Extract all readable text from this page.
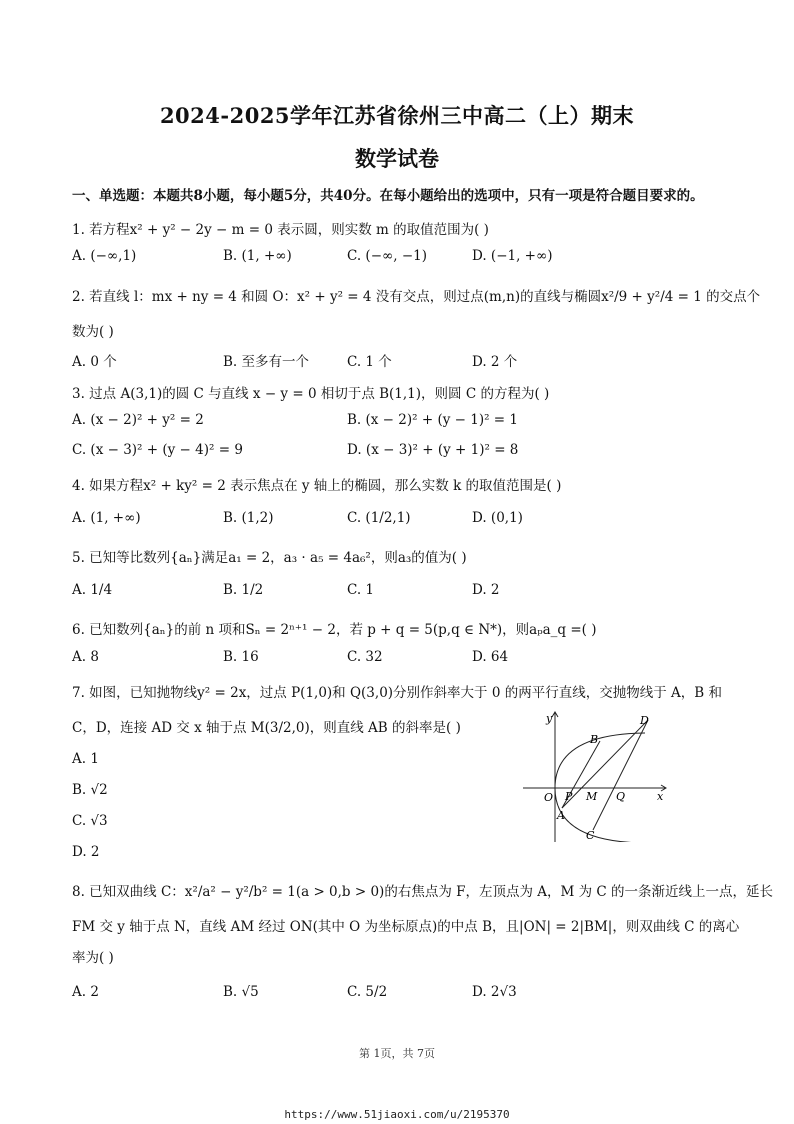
2024-2025学年江苏省徐州三中高二（上）期末
数学试卷
一、单选题：本题共8小题，每小题5分，共40分。在每小题给出的选项中，只有一项是符合题目要求的。
1. 若方程x² + y² − 2y − m = 0 表示圆，则实数 m 的取值范围为( )
A. (−∞,1)	B. (1, +∞)	C. (−∞, −1)	D. (−1, +∞)
2. 若直线 l：mx + ny = 4 和圆 O：x² + y² = 4 没有交点，则过点(m,n)的直线与椭圆x²/9 + y²/4 = 1 的交点个
数为( )
A. 0 个	B. 至多有一个	C. 1 个	D. 2 个
3. 过点 A(3,1)的圆 C 与直线 x − y = 0 相切于点 B(1,1)，则圆 C 的方程为( )
A. (x − 2)² + y² = 2	B. (x − 2)² + (y − 1)² = 1
C. (x − 3)² + (y − 4)² = 9	D. (x − 3)² + (y + 1)² = 8
4. 如果方程x² + ky² = 2 表示焦点在 y 轴上的椭圆，那么实数 k 的取值范围是( )
A. (1, +∞)	B. (1,2)	C. (1/2,1)	D. (0,1)
5. 已知等比数列{aₙ}满足a₁ = 2，a₃ · a₅ = 4a₆²，则a₃的值为( )
A. 1/4	B. 1/2	C. 1	D. 2
6. 已知数列{aₙ}的前 n 项和Sₙ = 2ⁿ⁺¹ − 2，若 p + q = 5(p,q ∈ N*)，则aₚa_q =( )
A. 8	B. 16	C. 32	D. 64
7. 如图，已知抛物线y² = 2x，过点 P(1,0)和 Q(3,0)分别作斜率大于 0 的两平行直线，交抛物线于 A，B 和
C，D，连接 AD 交 x 轴于点 M(3/2,0)，则直线 AB 的斜率是( )
A. 1
B. √2
C. √3
D. 2
y
x
O P M Q
A
B
C
D
8. 已知双曲线 C：x²/a² − y²/b² = 1(a > 0,b > 0)的右焦点为 F，左顶点为 A，M 为 C 的一条渐近线上一点，延长
FM 交 y 轴于点 N，直线 AM 经过 ON(其中 O 为坐标原点)的中点 B，且|ON| = 2|BM|，则双曲线 C 的离心
率为( )
A. 2	B. √5	C. 5/2	D. 2√3
第 1页，共 7页
https://www.51jiaoxi.com/u/2195370
